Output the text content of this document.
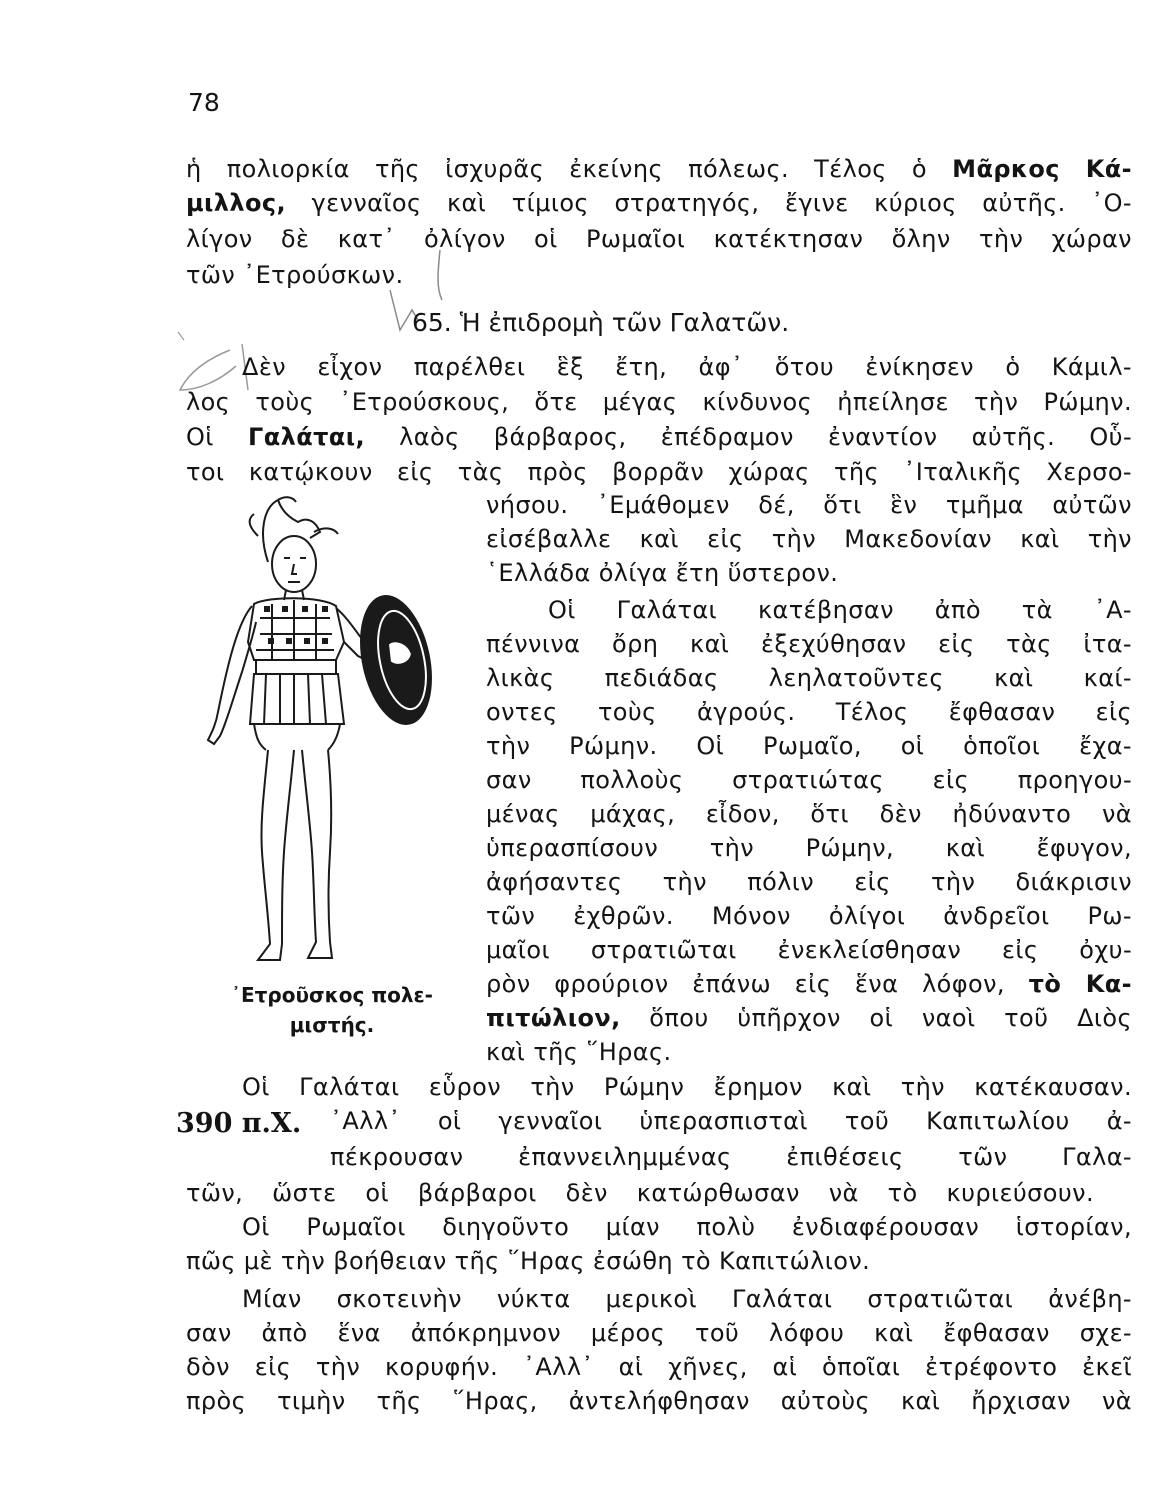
78
ἡ πολιορκία τῆς ἰσχυρᾶς ἐκείνης πόλεως. Τέλος ὁ Μᾶρκος Κά-
μιλλος, γενναῖος καὶ τίμιος στρατηγός, ἔγινε κύριος αὐτῆς. ᾿Ο-
λίγον δὲ κατ᾿ ὀλίγον οἱ Ρωμαῖοι κατέκτησαν ὅλην τὴν χώραν
τῶν ᾿Ετρούσκων.
65. Ἡ ἐπιδρομὴ τῶν Γαλατῶν.
Δὲν εἶχον παρέλθει ἓξ ἔτη, ἀφ᾿ ὅτου ἐνίκησεν ὁ Κάμιλ-
λος τοὺς ᾿Ετρούσκους, ὅτε μέγας κίνδυνος ἠπείλησε τὴν Ρώμην.
Οἱ Γαλάται, λαὸς βάρβαρος, ἐπέδραμον ἐναντίον αὐτῆς. Οὗ-
τοι κατῴκουν εἰς τὰς πρὸς βορρᾶν χώρας τῆς ᾿Ιταλικῆς Χερσο-
νήσου. ᾿Εμάθομεν δέ, ὅτι ἓν τμῆμα αὐτῶν
εἰσέβαλλε καὶ εἰς τὴν Μακεδονίαν καὶ τὴν
῾Ελλάδα ὀλίγα ἔτη ὕστερον.
Οἱ Γαλάται κατέβησαν ἀπὸ τὰ ᾿Α-
πέννινα ὄρη καὶ ἐξεχύθησαν εἰς τὰς ἰτα-
λικὰς πεδιάδας λεηλατοῦντες καὶ καί-
οντες τοὺς ἀγρούς. Τέλος ἔφθασαν εἰς
τὴν Ρώμην. Οἱ Ρωμαῖο, οἱ ὁποῖοι ἔχα-
σαν πολλοὺς στρατιώτας εἰς προηγου-
μένας μάχας, εἶδον, ὅτι δὲν ἠδύναντο νὰ
ὑπερασπίσουν τὴν Ρώμην, καὶ ἔφυγον,
ἀφήσαντες τὴν πόλιν εἰς τὴν διάκρισιν
τῶν ἐχθρῶν. Μόνον ὀλίγοι ἀνδρεῖοι Ρω-
μαῖοι στρατιῶται ἐνεκλείσθησαν εἰς ὀχυ-
ρὸν φρούριον ἐπάνω εἰς ἕνα λόφον, τὸ Κα-
πιτώλιον, ὅπου ὑπῆρχον οἱ ναοὶ τοῦ Διὸς
καὶ τῆς ῞Ηρας.
᾿Ετροῦσκος πολε-
μιστής.
Οἱ Γαλάται εὗρον τὴν Ρώμην ἔρημον καὶ τὴν κατέκαυσαν.
390 π.Χ. ᾿Αλλ᾿ οἱ γενναῖοι ὑπερασπισταὶ τοῦ Καπιτωλίου ἀ-
πέκρουσαν ἐπαννειλημμένας ἐπιθέσεις τῶν Γαλα-
τῶν, ὥστε οἱ βάρβαροι δὲν κατώρθωσαν νὰ τὸ κυριεύσουν.
Οἱ Ρωμαῖοι διηγοῦντο μίαν πολὺ ἐνδιαφέρουσαν ἱστορίαν,
πῶς μὲ τὴν βοήθειαν τῆς ῞Ηρας ἐσώθη τὸ Καπιτώλιον.
Μίαν σκοτεινὴν νύκτα μερικοὶ Γαλάται στρατιῶται ἀνέβη-
σαν ἀπὸ ἕνα ἀπόκρημνον μέρος τοῦ λόφου καὶ ἔφθασαν σχε-
δὸν εἰς τὴν κορυφήν. ᾿Αλλ᾿ αἱ χῆνες, αἱ ὁποῖαι ἐτρέφοντο ἐκεῖ
πρὸς τιμὴν τῆς ῞Ηρας, ἀντελήφθησαν αὐτοὺς καὶ ἤρχισαν νὰ
